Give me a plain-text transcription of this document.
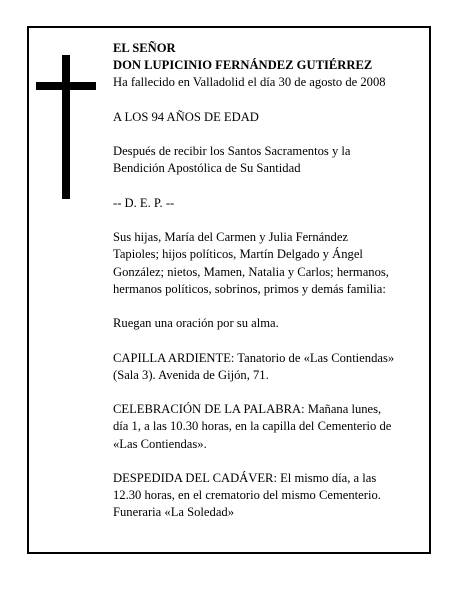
EL SEÑOR
DON LUPICINIO FERNÁNDEZ GUTIÉRREZ
Ha fallecido en Valladolid el día 30 de agosto de 2008

A LOS 94 AÑOS DE EDAD

Después de recibir los Santos Sacramentos y la
Bendición Apostólica de Su Santidad

-- D. E. P. --

Sus hijas, María del Carmen y Julia Fernández
Tapioles; hijos políticos, Martín Delgado y Ángel
González; nietos, Mamen, Natalia y Carlos; hermanos,
hermanos políticos, sobrinos, primos y demás familia:

Ruegan una oración por su alma.

CAPILLA ARDIENTE: Tanatorio de «Las Contiendas»
(Sala 3). Avenida de Gijón, 71.

CELEBRACIÓN DE LA PALABRA: Mañana lunes,
día 1, a las 10.30 horas, en la capilla del Cementerio de
«Las Contiendas».

DESPEDIDA DEL CADÁVER: El mismo día, a las
12.30 horas, en el crematorio del mismo Cementerio.
Funeraria «La Soledad»
